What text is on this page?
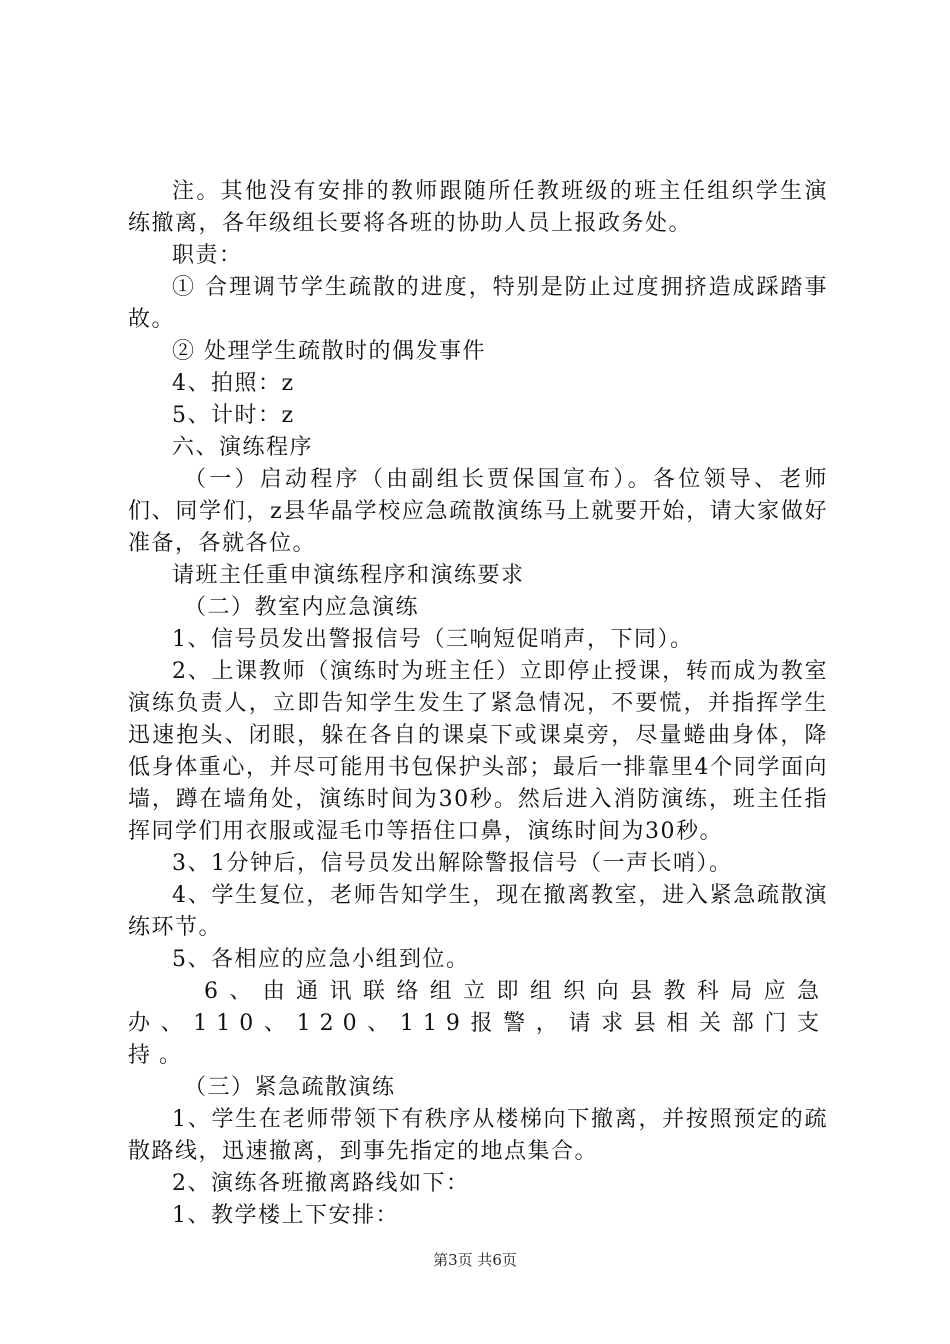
注。其他没有安排的教师跟随所任教班级的班主任组织学生演练撤离，各年级组长要将各班的协助人员上报政务处。

职责：

① 合理调节学生疏散的进度，特别是防止过度拥挤造成踩踏事故。

② 处理学生疏散时的偶发事件

4、拍照：z

5、计时：z

六、演练程序

（一）启动程序（由副组长贾保国宣布）。各位领导、老师们、同学们，z县华晶学校应急疏散演练马上就要开始，请大家做好准备，各就各位。

请班主任重申演练程序和演练要求

（二）教室内应急演练

1、信号员发出警报信号（三响短促哨声，下同）。

2、上课教师（演练时为班主任）立即停止授课，转而成为教室演练负责人，立即告知学生发生了紧急情况，不要慌，并指挥学生迅速抱头、闭眼，躲在各自的课桌下或课桌旁，尽量蜷曲身体，降低身体重心，并尽可能用书包保护头部；最后一排靠里4个同学面向墙，蹲在墙角处，演练时间为30秒。然后进入消防演练，班主任指挥同学们用衣服或湿毛巾等捂住口鼻，演练时间为30秒。

3、1分钟后，信号员发出解除警报信号（一声长哨）。

4、学生复位，老师告知学生，现在撤离教室，进入紧急疏散演练环节。

5、各相应的应急小组到位。

6、由通讯联络组立即组织向县教科局应急办、110、120、119报警，请求县相关部门支持。

（三）紧急疏散演练

1、学生在老师带领下有秩序从楼梯向下撤离，并按照预定的疏散路线，迅速撤离，到事先指定的地点集合。

2、演练各班撤离路线如下：

1、教学楼上下安排：

第3页 共6页
